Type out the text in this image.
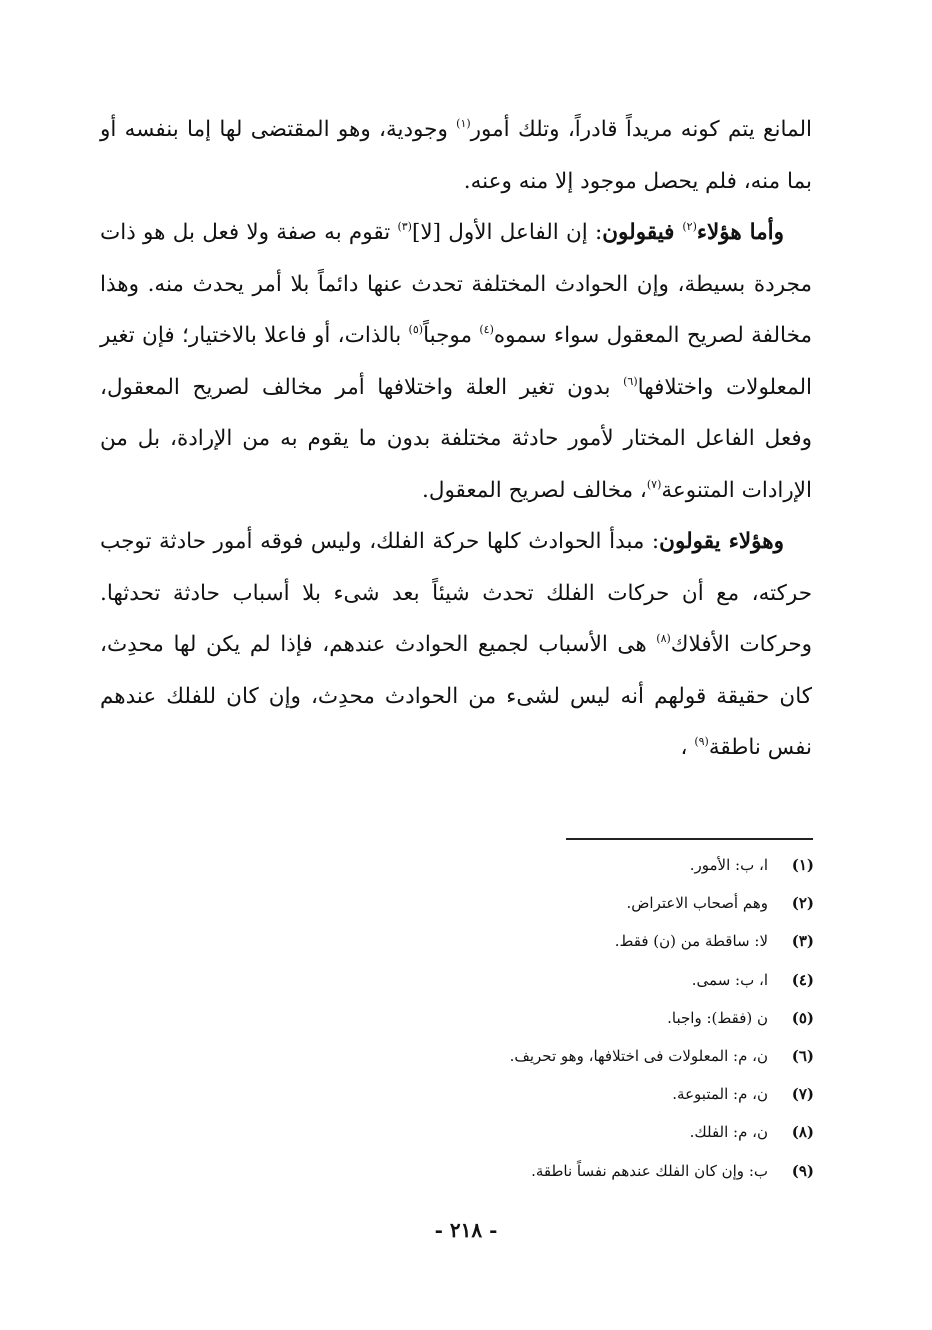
المانع يتم كونه مريداً قادراً، وتلك أمور$^{(١)}$ وجودية، وهو المقتضى لها إما بنفسه أو بما منه، فلم يحصل موجود إلا منه وعنه.

وأما هؤلاء$^{(٢)}$ فيقولون: إن الفاعل الأول [لا]$^{(٣)}$ تقوم به صفة ولا فعل بل هو ذات مجردة بسيطة، وإن الحوادث المختلفة تحدث عنها دائماً بلا أمر يحدث منه. وهذا مخالفة لصريح المعقول سواء سموه$^{(٤)}$ موجباً$^{(٥)}$ بالذات، أو فاعلا بالاختيار؛ فإن تغير المعلولات واختلافها$^{(٦)}$ بدون تغير العلة واختلافها أمر مخالف لصريح المعقول، وفعل الفاعل المختار لأمور حادثة مختلفة بدون ما يقوم به من الإرادة، بل من الإرادات المتنوعة$^{(٧)}$، مخالف لصريح المعقول.

وهؤلاء يقولون: مبدأ الحوادث كلها حركة الفلك، وليس فوقه أمور حادثة توجب حركته، مع أن حركات الفلك تحدث شيئاً بعد شىء بلا أسباب حادثة تحدثها. وحركات الأفلاك$^{(٨)}$ هى الأسباب لجميع الحوادث عندهم، فإذا لم يكن لها محدِث، كان حقيقة قولهم أنه ليس لشىء من الحوادث محدِث، وإن كان للفلك عندهم نفس ناطقة$^{(٩)}$ ،

(١)
ا، ب: الأمور.
(٢)
وهم أصحاب الاعتراض.
(٣)
لا: ساقطة من (ن) فقط.
(٤)
ا، ب: سمى.
(٥)
ن (فقط): واجبا.
(٦)
ن، م: المعلولات فى اختلافها، وهو تحريف.
(٧)
ن، م: المتبوعة.
(٨)
ن، م: الفلك.
(٩)
ب: وإن كان الفلك عندهم نفساً ناطقة.
- ٢١٨ -
